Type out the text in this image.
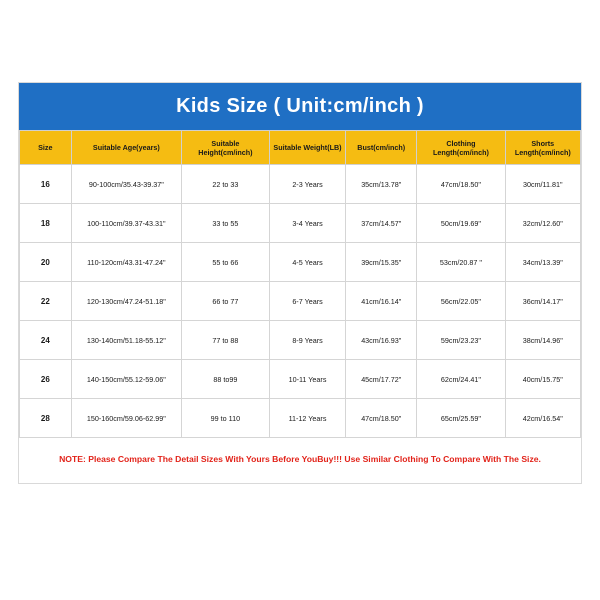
Kids Size ( Unit:cm/inch )
Size	Suitable Age(years)	Suitable Height(cm/inch)	Suitable Weight(LB)	Bust(cm/inch)	Clothing Length(cm/inch)	Shorts Length(cm/inch)
16	90-100cm/35.43-39.37"	22 to 33	2-3 Years	35cm/13.78"	47cm/18.50"	30cm/11.81"
18	100-110cm/39.37-43.31"	33 to 55	3-4 Years	37cm/14.57"	50cm/19.69"	32cm/12.60"
20	110-120cm/43.31-47.24"	55 to 66	4-5 Years	39cm/15.35"	53cm/20.87 "	34cm/13.39"
22	120-130cm/47.24-51.18"	66 to 77	6-7 Years	41cm/16.14"	56cm/22.05"	36cm/14.17"
24	130-140cm/51.18-55.12"	77 to 88	8-9 Years	43cm/16.93"	59cm/23.23"	38cm/14.96"
26	140-150cm/55.12-59.06"	88 to99	10-11 Years	45cm/17.72"	62cm/24.41"	40cm/15.75"
28	150-160cm/59.06-62.99"	99 to 110	11-12 Years	47cm/18.50"	65cm/25.59"	42cm/16.54"
NOTE: Please Compare The Detail Sizes With Yours Before YouBuy!!! Use Similar Clothing To Compare With The Size.
